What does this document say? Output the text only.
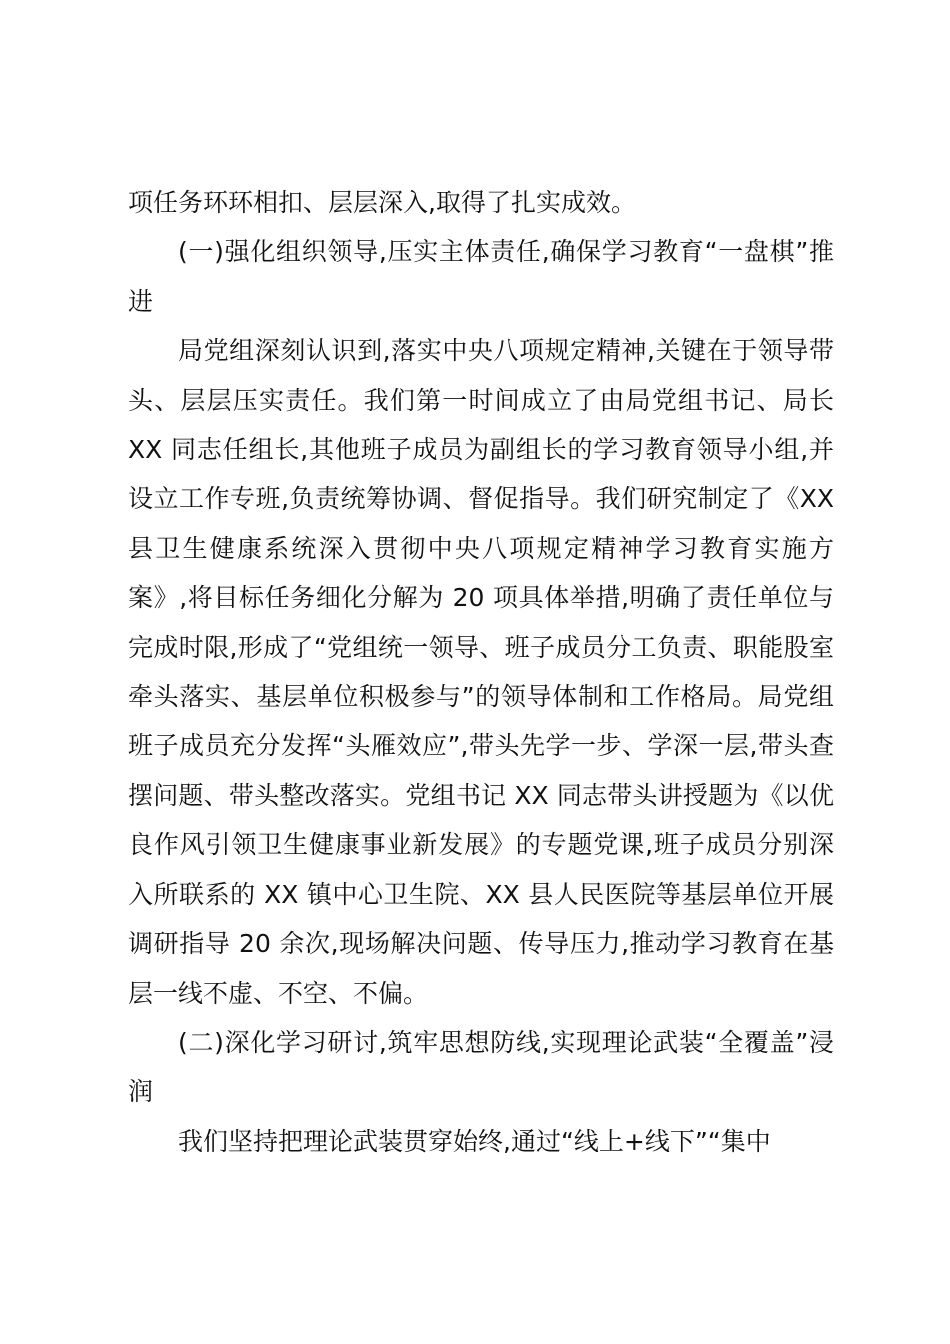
项任务环环相扣、层层深入,取得了扎实成效。

(一)强化组织领导,压实主体责任,确保学习教育“一盘棋”推进

局党组深刻认识到,落实中央八项规定精神,关键在于领导带头、层层压实责任。我们第一时间成立了由局党组书记、局长 XX 同志任组长,其他班子成员为副组长的学习教育领导小组,并设立工作专班,负责统筹协调、督促指导。我们研究制定了《XX 县卫生健康系统深入贯彻中央八项规定精神学习教育实施方案》,将目标任务细化分解为 20 项具体举措,明确了责任单位与完成时限,形成了“党组统一领导、班子成员分工负责、职能股室牵头落实、基层单位积极参与”的领导体制和工作格局。局党组班子成员充分发挥“头雁效应”,带头先学一步、学深一层,带头查摆问题、带头整改落实。党组书记 XX 同志带头讲授题为《以优良作风引领卫生健康事业新发展》的专题党课,班子成员分别深入所联系的 XX 镇中心卫生院、XX 县人民医院等基层单位开展调研指导 20 余次,现场解决问题、传导压力,推动学习教育在基层一线不虚、不空、不偏。

(二)深化学习研讨,筑牢思想防线,实现理论武装“全覆盖”浸润

我们坚持把理论武装贯穿始终,通过“线上+线下”“集中
